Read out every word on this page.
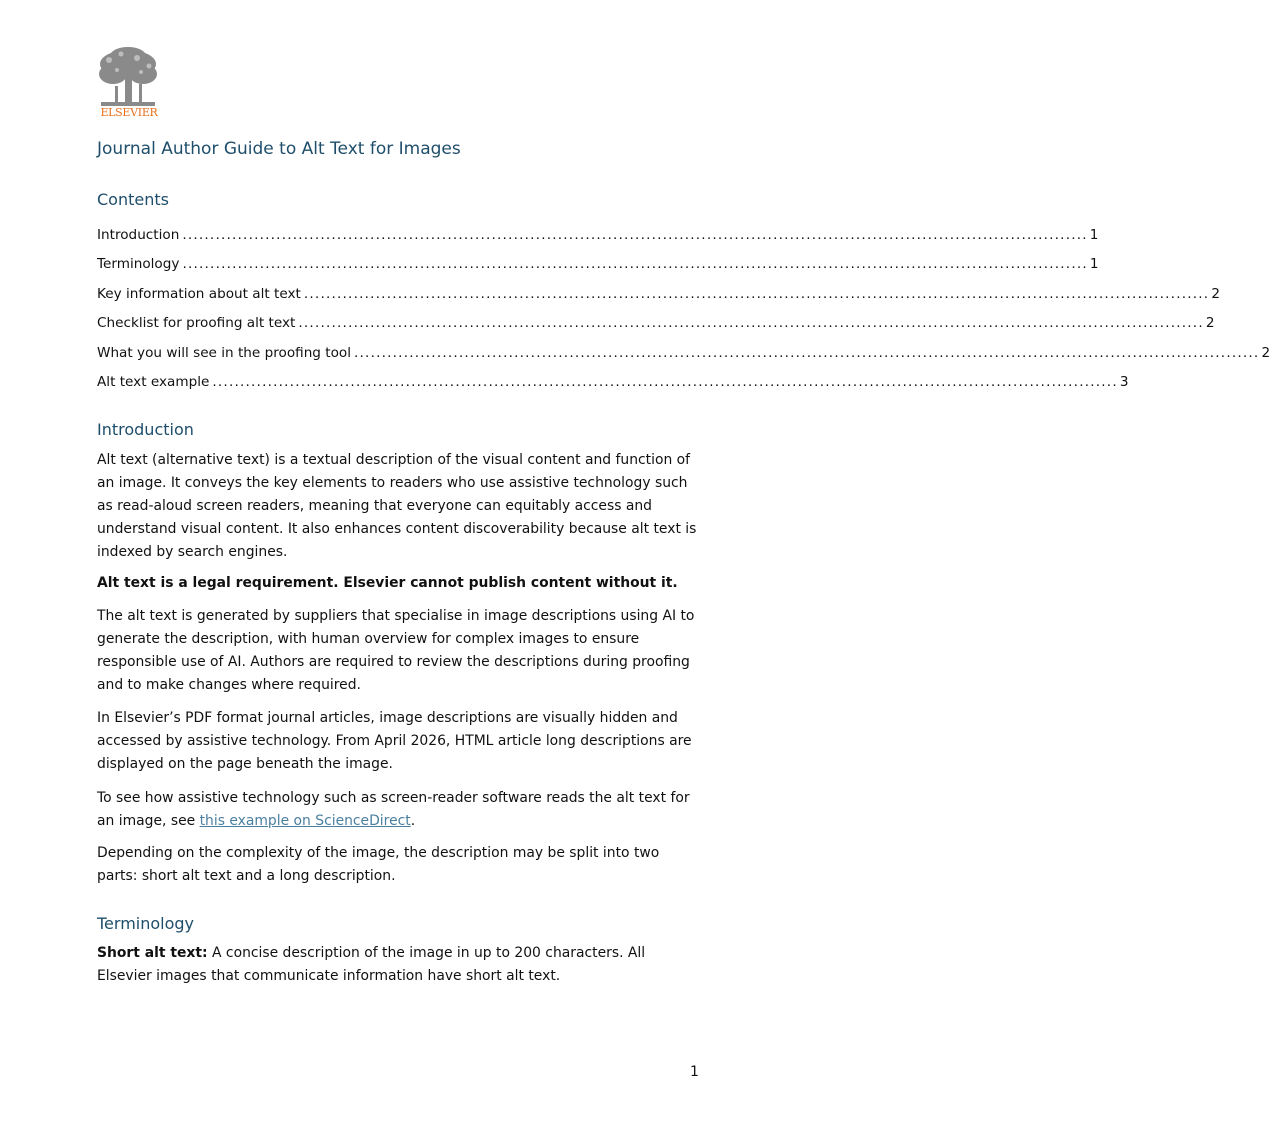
ELSEVIER
Journal Author Guide to Alt Text for Images
Contents
Introduction .................................................................................................................................................................... 1
Terminology .................................................................................................................................................................... 1
Key information about alt text .................................................................................................................................................................... 2
Checklist for proofing alt text .................................................................................................................................................................... 2
What you will see in the proofing tool .................................................................................................................................................................... 2
Alt text example .................................................................................................................................................................... 3
Introduction

Alt text (alternative text) is a textual description of the visual content and function of an image. It conveys the key elements to readers who use assistive technology such as read-aloud screen readers, meaning that everyone can equitably access and understand visual content. It also enhances content discoverability because alt text is indexed by search engines.

Alt text is a legal requirement. Elsevier cannot publish content without it.

The alt text is generated by suppliers that specialise in image descriptions using AI to generate the description, with human overview for complex images to ensure responsible use of AI. Authors are required to review the descriptions during proofing and to make changes where required.

In Elsevier’s PDF format journal articles, image descriptions are visually hidden and accessed by assistive technology. From April 2026, HTML article long descriptions are displayed on the page beneath the image.

To see how assistive technology such as screen-reader software reads the alt text for an image, see this example on ScienceDirect.

Depending on the complexity of the image, the description may be split into two parts: short alt text and a long description.

Terminology

Short alt text: A concise description of the image in up to 200 characters. All Elsevier images that communicate information have short alt text.

1
